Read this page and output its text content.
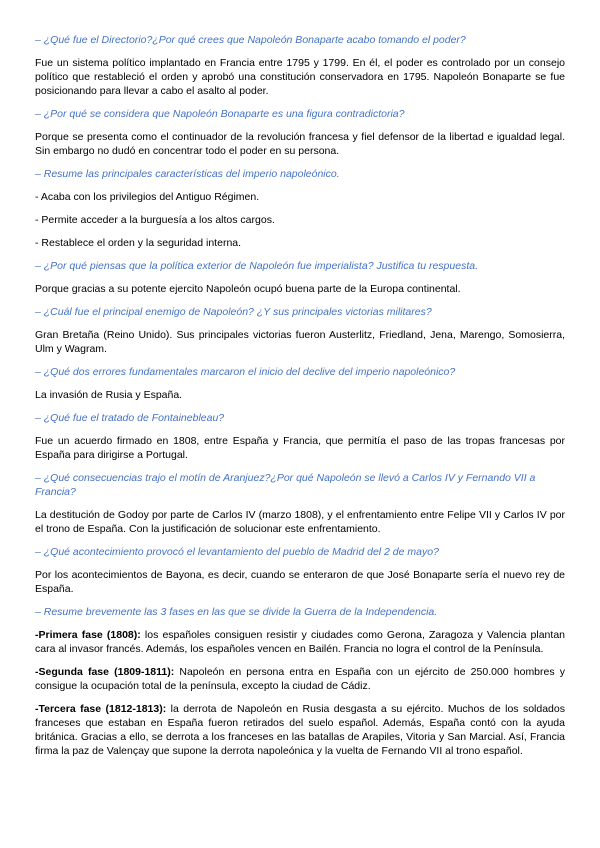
– ¿Qué fue el Directorio?¿Por qué crees que Napoleón Bonaparte acabo tomando el poder?
Fue un sistema político implantado en Francia entre 1795 y 1799. En él, el poder es controlado por un consejo político que restableció el orden y aprobó una constitución conservadora en 1795. Napoleón Bonaparte se fue posicionando para llevar a cabo el asalto al poder.
– ¿Por qué se considera que Napoleón Bonaparte es una figura contradictoria?
Porque se presenta como el continuador de la revolución francesa y fiel defensor de la libertad e igualdad legal. Sin embargo no dudó en concentrar todo el poder en su persona.
– Resume las principales características del imperio napoleónico.
- Acaba con los privilegios del Antiguo Régimen.
- Permite acceder a la burguesía a los altos cargos.
- Restablece el orden y la seguridad interna.
– ¿Por qué piensas que la política exterior de Napoleón fue imperialista? Justifica tu respuesta.
Porque gracias a su potente ejercito Napoleón ocupó buena parte de la Europa continental.
– ¿Cuál fue el principal enemigo de Napoleón? ¿Y sus principales victorias militares?
Gran Bretaña (Reino Unido). Sus principales victorias fueron Austerlitz, Friedland, Jena, Marengo, Somosierra, Ulm y Wagram.
– ¿Qué dos errores fundamentales marcaron el inicio del declive del imperio napoleónico?
La invasión de Rusia y España.
– ¿Qué fue el tratado de Fontainebleau?
Fue un acuerdo firmado en 1808, entre España y Francia, que permitía el paso de las tropas francesas por España para dirigirse a Portugal.
– ¿Qué consecuencias trajo el motín de Aranjuez?¿Por qué Napoleón se llevó a Carlos IV y Fernando VII a Francia?
La destitución de Godoy por parte de Carlos IV (marzo 1808), y el enfrentamiento entre Felipe VII y Carlos IV por el trono de España. Con la justificación de solucionar este enfrentamiento.
– ¿Qué acontecimiento provocó el levantamiento del pueblo de Madrid del 2 de mayo?
Por los acontecimientos de Bayona, es decir, cuando se enteraron de que José Bonaparte sería el nuevo rey de España.
– Resume brevemente las 3 fases en las que se divide la Guerra de la Independencia.
-Primera fase (1808): los españoles consiguen resistir y ciudades como Gerona, Zaragoza y Valencia plantan cara al invasor francés. Además, los españoles vencen en Bailén. Francia no logra el control de la Península.
-Segunda fase (1809-1811): Napoleón en persona entra en España con un ejército de 250.000 hombres y consigue la ocupación total de la península, excepto la ciudad de Cádiz.
-Tercera fase (1812-1813): la derrota de Napoleón en Rusia desgasta a su ejército. Muchos de los soldados franceses que estaban en España fueron retirados del suelo español. Además, España contó con la ayuda británica. Gracias a ello, se derrota a los franceses en las batallas de Arapiles, Vitoria y San Marcial. Así, Francia firma la paz de Valençay que supone la derrota napoleónica y la vuelta de Fernando VII al trono español.
